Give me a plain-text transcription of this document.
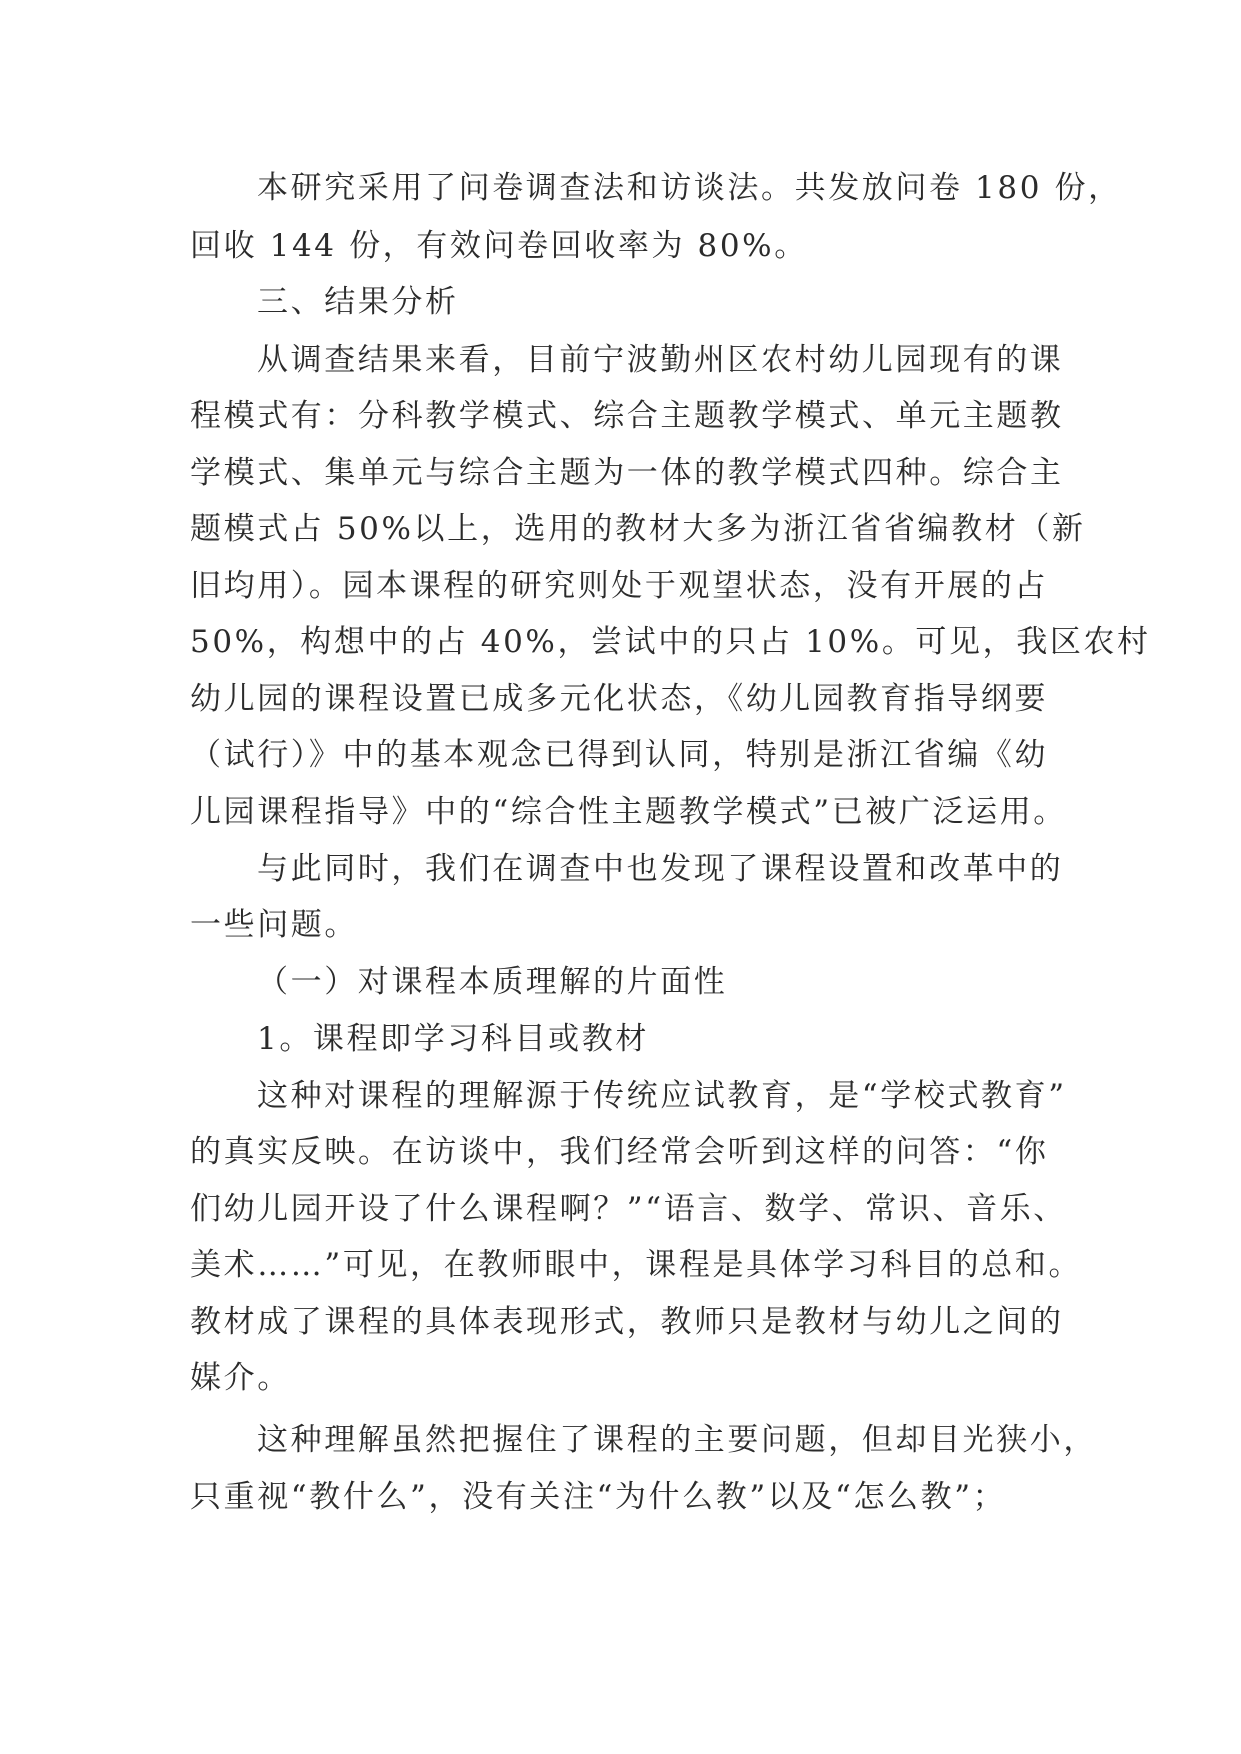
本研究采用了问卷调查法和访谈法。共发放问卷 180 份，
回收 144 份，有效问卷回收率为 80%。
三、结果分析
从调查结果来看，目前宁波勤州区农村幼儿园现有的课
程模式有：分科教学模式、综合主题教学模式、单元主题教
学模式、集单元与综合主题为一体的教学模式四种。综合主
题模式占 50%以上，选用的教材大多为浙江省省编教材（新
旧均用）。园本课程的研究则处于观望状态，没有开展的占
50%，构想中的占 40%，尝试中的只占 10%。可见，我区农村
幼儿园的课程设置已成多元化状态，《幼儿园教育指导纲要
（试行）》中的基本观念已得到认同，特别是浙江省编《幼
儿园课程指导》中的“综合性主题教学模式”已被广泛运用。
与此同时，我们在调查中也发现了课程设置和改革中的
一些问题。
（一）对课程本质理解的片面性
1。课程即学习科目或教材
这种对课程的理解源于传统应试教育，是“学校式教育”
的真实反映。在访谈中，我们经常会听到这样的问答：“你
们幼儿园开设了什么课程啊？”“语言、数学、常识、音乐、
美术……”可见，在教师眼中，课程是具体学习科目的总和。
教材成了课程的具体表现形式，教师只是教材与幼儿之间的
媒介。
这种理解虽然把握住了课程的主要问题，但却目光狭小，
只重视“教什么”，没有关注“为什么教”以及“怎么教”；
